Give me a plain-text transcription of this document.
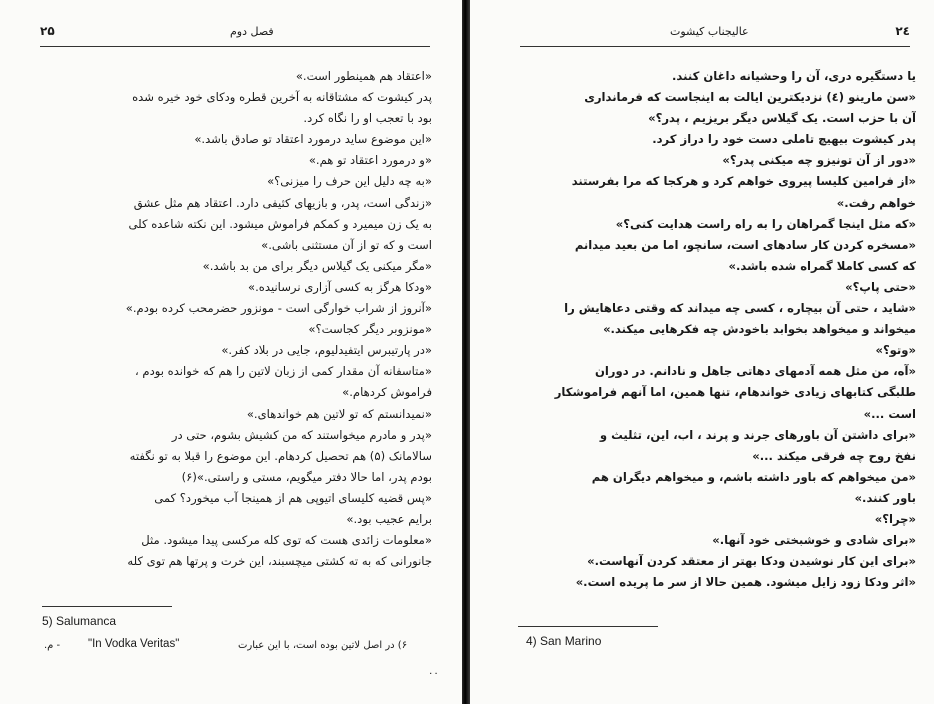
۲۵	فصل دوم
«اعتقاد هم همینطور است.»
پدر کیشوت که مشتاقانه به آخرین قطره ودکای خود خیره شده
بود با تعجب او را نگاه کرد.
«این موضوع ساید درمورد اعتقاد تو صادق باشد.»
«و درمورد اعتقاد تو هم.»
«به چه دلیل این حرف را میزنی؟»
«زندگی است، پدر، و بازیهای کثیفی دارد. اعتقاد هم مثل عشق
به یک زن میمیرد و کمکم فراموش میشود. این نکته شاعده کلی
است و که تو از آن مستثنی باشی.»
«مگر میکنی یک گیلاس دیگر برای من بد باشد.»
«ودکا هرگز به کسی آزاری نرسانیده.»
«آنروز از شراب خوارگی است - مونزور حضرمحب کرده بودم.»
«مونزوبر دیگر کجاست؟»
«در پارتیبرس ایتفیدلیوم، جایی در بلاد کفر.»
«متاسفانه آن مقدار کمی از زبان لاتین را هم که خوانده بودم ،
فراموش کردهام.»
«نمیدانستم که تو لاتین هم خواندهای.»
«پدر و مادرم میخواستند که من کشیش بشوم، حتی در
سالامانک (۵) هم تحصیل کردهام. این موضوع را قبلا به تو نگفته
بودم پدر، اما حالا دفتر میگویم، مستی و راستی.»(۶)
«پس قضیه کلیسای اتیوپی هم از همینجا آب میخورد؟ کمی
برایم عجیب بود.»
«معلومات زائدی هست که توی کله مرکسی پیدا میشود. مثل
جانورانی که به ته کشتی میچسبند، این خرت و پرتها هم توی کله
5) Salumanca
۶) در اصل لاتین بوده است، با این عبارت
"In Vodka Veritas"
- م.
۰۰
۲٤
عالیجناب کیشوت
یا دستگیره دری، آن را وحشیانه داغان کنند.
«سن مارینو (٤) نزدیکترین ایالت به اینجاست که فرمانداری
آن با حزب است. یک گیلاس دیگر بریزیم ، پدر؟»
پدر کیشوت بیهیچ تاملی دست خود را دراز کرد.
«دور از آن تونیزو چه میکنی پدر؟»
«از فرامین کلیسا پیروی خواهم کرد و هرکجا که مرا بفرستند
خواهم رفت.»
«که مثل اینجا گمراهان را به راه راست هدایت کنی؟»
«مسخره کردن کار سادهای است، سانچو، اما من بعید میدانم
که کسی کاملا گمراه شده باشد.»
«حتی پاپ؟»
«شاید ، حتی آن بیچاره ، کسی چه میداند که وقتی دعاهایش را
میخواند و میخواهد بخوابد باخودش چه فکرهایی میکند.»
«وتو؟»
«آه، من مثل همه آدمهای دهاتی جاهل و نادانم. در دوران
طلبگی کتابهای زیادی خواندهام، تنها همین، اما آنهم فراموشکار
است ...»
«برای داشتن آن باورهای جرند و پرند ، اب، این، تثلیث و
نفخ روح چه فرقی میکند ...»
«من میخواهم که باور داشته باشم، و میخواهم دیگران هم
باور کنند.»
«چرا؟»
«برای شادی و خوشبختی خود آنها.»
«برای این کار نوشیدن ودکا بهتر از معتقد کردن آنهاست.»
«اثر ودکا زود زایل میشود. همین حالا از سر ما پریده است.»
4) San Marino
